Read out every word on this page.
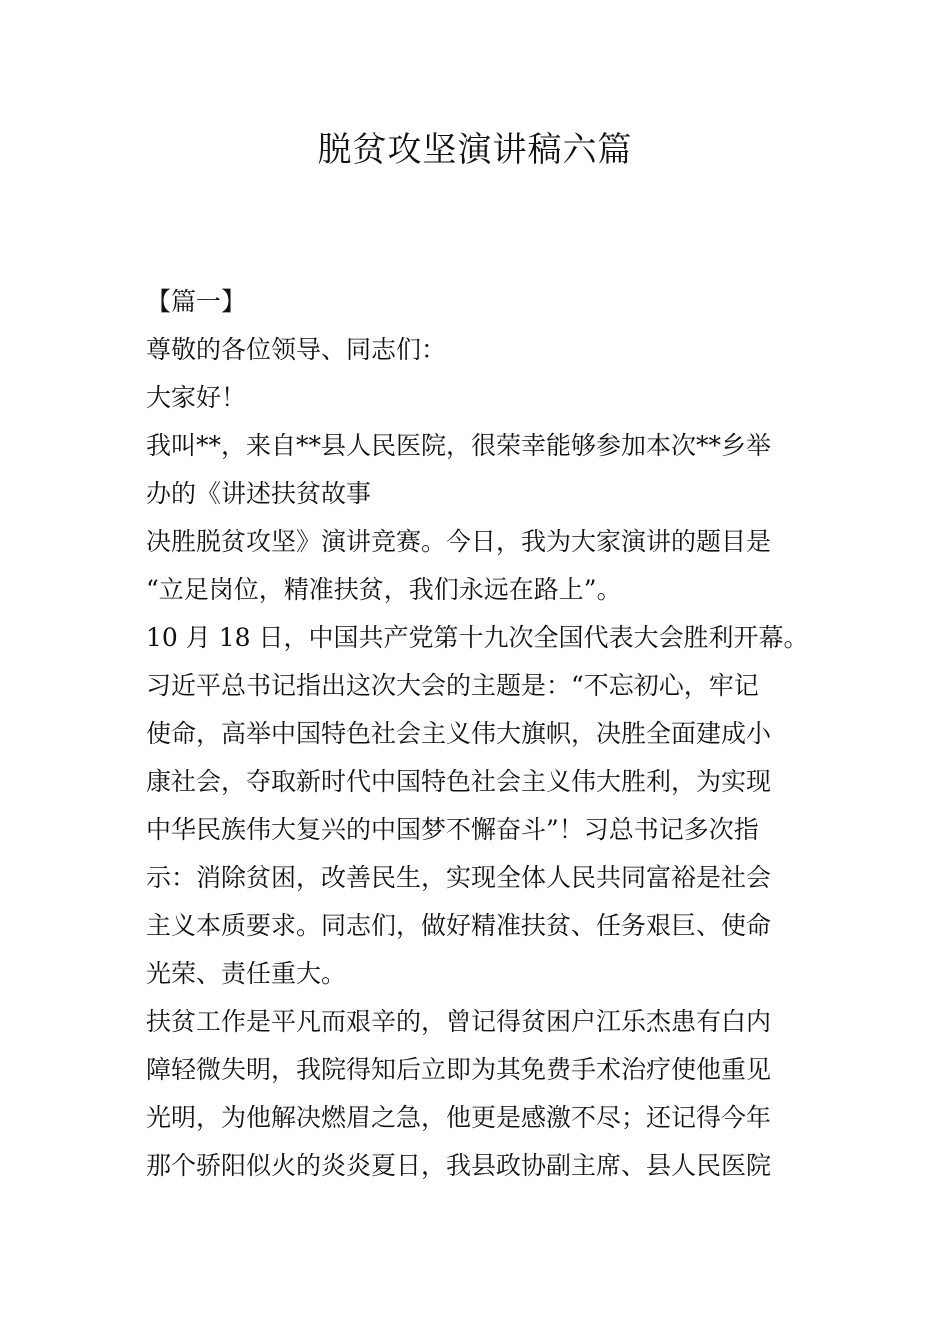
脱贫攻坚演讲稿六篇
【篇一】
尊敬的各位领导、同志们：
大家好！
我叫**，来自**县人民医院，很荣幸能够参加本次**乡举
办的《讲述扶贫故事
决胜脱贫攻坚》演讲竞赛。今日，我为大家演讲的题目是
“立足岗位，精准扶贫，我们永远在路上”。
10 月 18 日，中国共产党第十九次全国代表大会胜利开幕。
习近平总书记指出这次大会的主题是：“不忘初心，牢记
使命，高举中国特色社会主义伟大旗帜，决胜全面建成小
康社会，夺取新时代中国特色社会主义伟大胜利，为实现
中华民族伟大复兴的中国梦不懈奋斗”！习总书记多次指
示：消除贫困，改善民生，实现全体人民共同富裕是社会
主义本质要求。同志们，做好精准扶贫、任务艰巨、使命
光荣、责任重大。
扶贫工作是平凡而艰辛的，曾记得贫困户江乐杰患有白内
障轻微失明，我院得知后立即为其免费手术治疗使他重见
光明，为他解决燃眉之急，他更是感激不尽；还记得今年
那个骄阳似火的炎炎夏日，我县政协副主席、县人民医院
